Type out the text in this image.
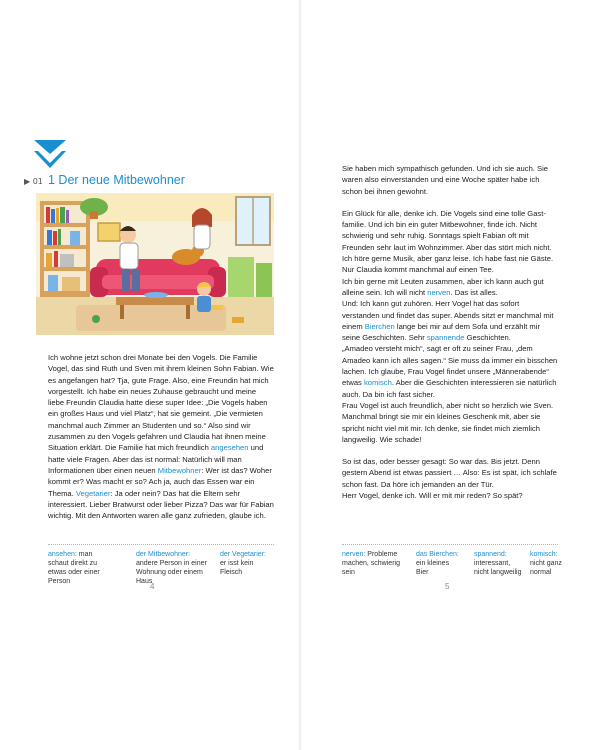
▶ 01 1 Der neue Mitbewohner

Ich wohne jetzt schon drei Monate bei den Vogels. Die Familie Vogel, das sind Ruth und Sven mit ihrem kleinen Sohn Fabian. Wie es angefangen hat? Tja, gute Frage. Also, eine Freundin hat mich vorgestellt. Ich habe ein neues Zuhause gebraucht und meine liebe Freundin Claudia hatte diese super Idee: „Die Vogels haben ein großes Haus und viel Platz“, hat sie gemeint. „Die vermieten manchmal auch Zimmer an Studenten und so.“ Also sind wir zusammen zu den Vogels gefahren und Claudia hat ihnen meine Situation erklärt. Die Familie hat mich freundlich angesehen und hatte viele Fragen. Aber das ist normal: Natürlich will man Informationen über einen neuen Mitbewohner: Wer ist das? Woher kommt er? Was macht er so? Ach ja, auch das Essen war ein Thema. Vegetarier: Ja oder nein? Das hat die Eltern sehr interessiert. Lieber Bratwurst oder lieber Pizza? Das war für Fabian wichtig. Mit den Antworten waren alle ganz zufrieden, glaube ich.

ansehen: man schaut direkt zu etwas oder einer Person
der Mitbewohner: andere Person in einer Wohnung oder einem Haus
der Vegetarier: er isst kein Fleisch
4

Sie haben mich sympathisch gefunden. Und ich sie auch. Sie waren also einverstanden und eine Woche später habe ich schon bei ihnen gewohnt.

Ein Glück für alle, denke ich. Die Vogels sind eine tolle Gast-familie. Und ich bin ein guter Mitbewohner, finde ich. Nicht schwierig und sehr ruhig. Sonntags spielt Fabian oft mit Freunden sehr laut im Wohnzimmer. Aber das stört mich nicht. Ich höre gerne Musik, aber ganz leise. Ich habe fast nie Gäste. Nur Claudia kommt manchmal auf einen Tee.

Ich bin gerne mit Leuten zusammen, aber ich kann auch gut alleine sein. Ich will nicht nerven. Das ist alles.

Und: Ich kann gut zuhören. Herr Vogel hat das sofort verstanden und findet das super. Abends sitzt er manchmal mit einem Bierchen lange bei mir auf dem Sofa und erzählt mir seine Geschichten. Sehr spannende Geschichten.

„Amadeo versteht mich“, sagt er oft zu seiner Frau, „dem Amadeo kann ich alles sagen.“ Sie muss da immer ein bisschen lachen. Ich glaube, Frau Vogel findet unsere „Männerabende“ etwas komisch. Aber die Geschichten interessieren sie natürlich auch. Da bin ich fast sicher.

Frau Vogel ist auch freundlich, aber nicht so herzlich wie Sven. Manchmal bringt sie mir ein kleines Geschenk mit, aber sie spricht nicht viel mit mir. Ich denke, sie findet mich ziemlich langweilig. Wie schade!

So ist das, oder besser gesagt: So war das. Bis jetzt. Denn gestern Abend ist etwas passiert … Also: Es ist spät, ich schlafe schon fast. Da höre ich jemanden an der Tür.

Herr Vogel, denke ich. Will er mit mir reden? So spät?

nerven: Probleme machen, schwierig sein
das Bierchen: ein kleines Bier
spannend: interessant, nicht langweilig
komisch: nicht ganz normal
5
